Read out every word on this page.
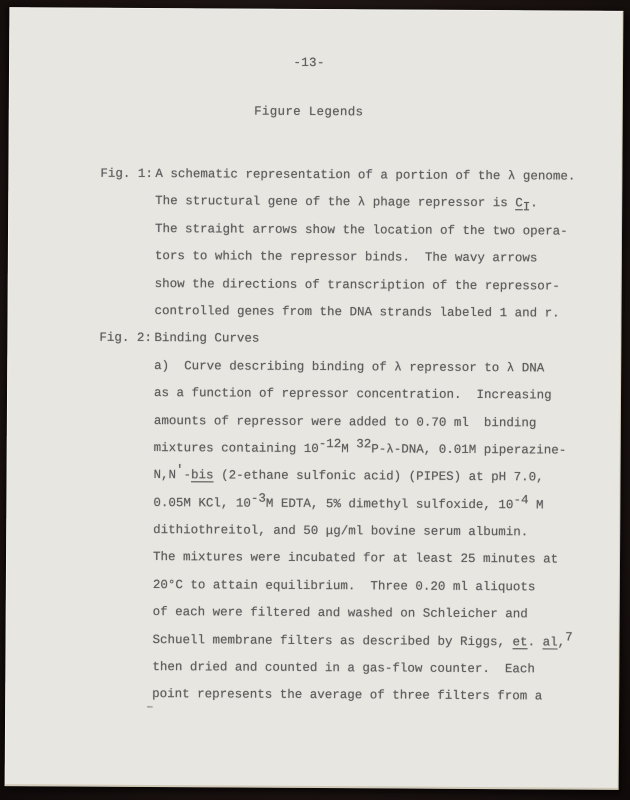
-13-
Figure Legends
Fig. 1: A schematic representation of a portion of the λ genome.
The structural gene of the λ phage repressor is CI.
The straight arrows show the location of the two opera-
tors to which the repressor binds.  The wavy arrows
show the directions of transcription of the repressor-
controlled genes from the DNA strands labeled 1 and r.
Fig. 2: Binding Curves
a)  Curve describing binding of λ repressor to λ DNA
as a function of repressor concentration.  Increasing
amounts of repressor were added to 0.70 ml  binding
mixtures containing 10-12M 32P-λ-DNA, 0.01M piperazine-
N,N′-bis (2-ethane sulfonic acid) (PIPES) at pH 7.0,
0.05M KCl, 10-3M EDTA, 5% dimethyl sulfoxide, 10-4 M
dithiothreitol, and 50 μg/ml bovine serum albumin.
The mixtures were incubated for at least 25 minutes at
20°C to attain equilibrium.  Three 0.20 ml aliquots
of each were filtered and washed on Schleicher and
Schuell membrane filters as described by Riggs, et. al,7
then dried and counted in a gas-flow counter.  Each
point represents the average of three filters from a
–
